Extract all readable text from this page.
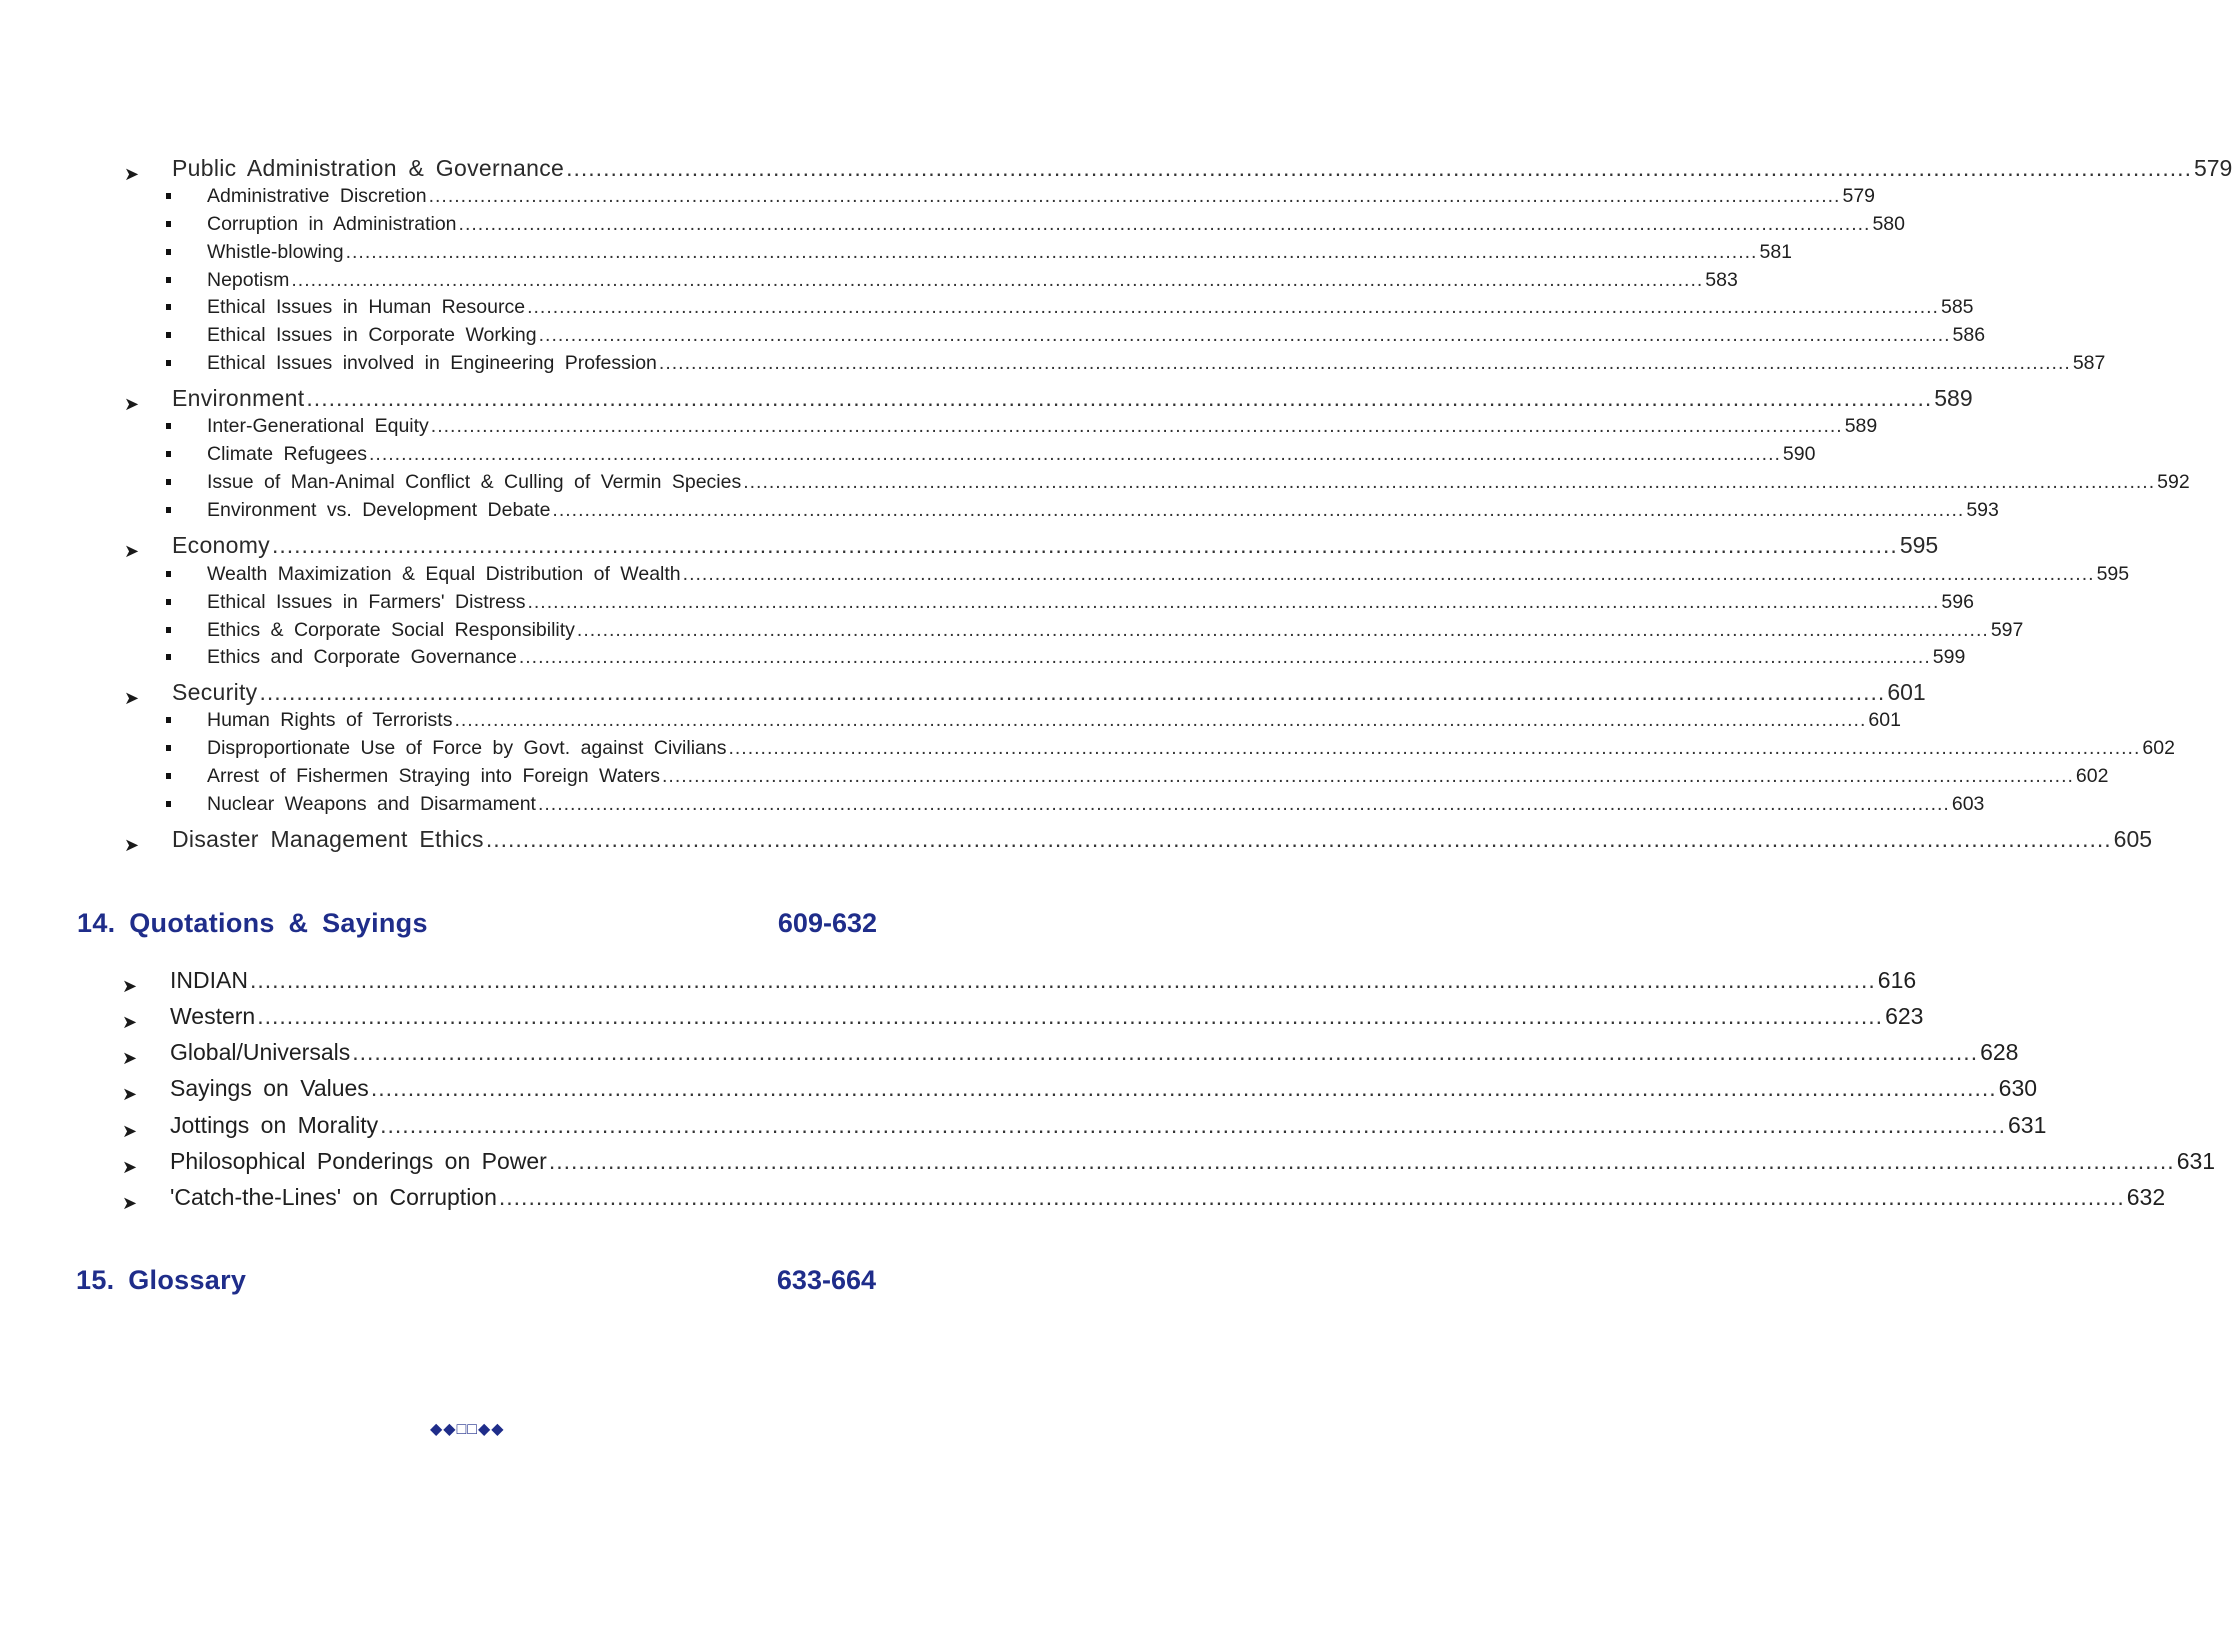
➤ Public Administration & Governance ............................................................................................................................................................................................................................ 579
Administrative Discretion ............................................................................................................................................................................................................................ 579
Corruption in Administration ............................................................................................................................................................................................................................ 580
Whistle-blowing ............................................................................................................................................................................................................................ 581
Nepotism ............................................................................................................................................................................................................................ 583
Ethical Issues in Human Resource ............................................................................................................................................................................................................................ 585
Ethical Issues in Corporate Working ............................................................................................................................................................................................................................ 586
Ethical Issues involved in Engineering Profession ............................................................................................................................................................................................................................ 587
➤ Environment ............................................................................................................................................................................................................................ 589
Inter-Generational Equity ............................................................................................................................................................................................................................ 589
Climate Refugees ............................................................................................................................................................................................................................ 590
Issue of Man-Animal Conflict & Culling of Vermin Species ............................................................................................................................................................................................................................ 592
Environment vs. Development Debate ............................................................................................................................................................................................................................ 593
➤ Economy ............................................................................................................................................................................................................................ 595
Wealth Maximization & Equal Distribution of Wealth ............................................................................................................................................................................................................................ 595
Ethical Issues in Farmers' Distress ............................................................................................................................................................................................................................ 596
Ethics & Corporate Social Responsibility ............................................................................................................................................................................................................................ 597
Ethics and Corporate Governance ............................................................................................................................................................................................................................ 599
➤ Security ............................................................................................................................................................................................................................ 601
Human Rights of Terrorists ............................................................................................................................................................................................................................ 601
Disproportionate Use of Force by Govt. against Civilians ............................................................................................................................................................................................................................ 602
Arrest of Fishermen Straying into Foreign Waters ............................................................................................................................................................................................................................ 602
Nuclear Weapons and Disarmament ............................................................................................................................................................................................................................ 603
➤ Disaster Management Ethics ............................................................................................................................................................................................................................ 605
14. Quotations & Sayings	609-632
➤ INDIAN ............................................................................................................................................................................................................................ 616
➤ Western ............................................................................................................................................................................................................................ 623
➤ Global/Universals ............................................................................................................................................................................................................................ 628
➤ Sayings on Values ............................................................................................................................................................................................................................ 630
➤ Jottings on Morality ............................................................................................................................................................................................................................ 631
➤ Philosophical Ponderings on Power ............................................................................................................................................................................................................................ 631
➤ 'Catch-the-Lines' on Corruption ............................................................................................................................................................................................................................ 632
15. Glossary	633-664
◆◆□□◆◆
